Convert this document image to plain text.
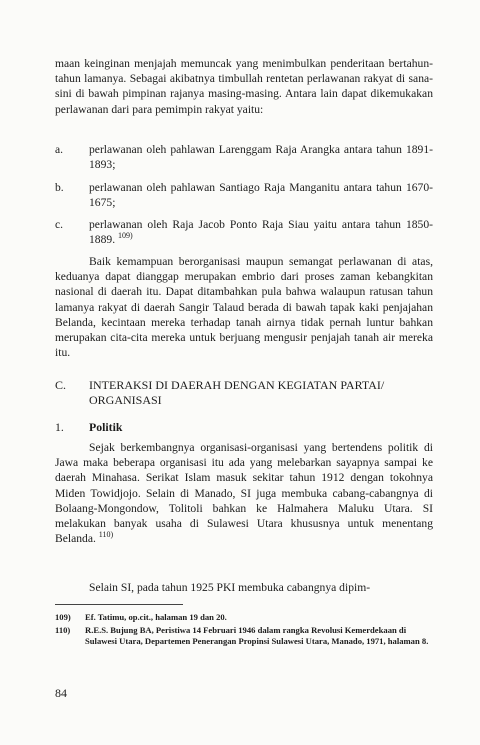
maan keinginan menjajah memuncak yang menimbulkan penderitaan bertahun-tahun lamanya. Sebagai akibatnya timbullah rentetan perlawanan rakyat di sana-sini di bawah pimpinan rajanya masing-masing. Antara lain dapat dikemukakan perlawanan dari para pemimpin rakyat yaitu:
a.	perlawanan oleh pahlawan Larenggam Raja Arangka antara tahun 1891-1893;
b.	perlawanan oleh pahlawan Santiago Raja Manganitu antara tahun 1670-1675;
c.	perlawanan oleh Raja Jacob Ponto Raja Siau yaitu antara tahun 1850-1889. $^{109)}$
Baik kemampuan berorganisasi maupun semangat perlawanan di atas, keduanya dapat dianggap merupakan embrio dari proses zaman kebangkitan nasional di daerah itu. Dapat ditambahkan pula bahwa walaupun ratusan tahun lamanya rakyat di daerah Sangir Talaud berada di bawah tapak kaki penjajahan Belanda, kecintaan mereka terhadap tanah airnya tidak pernah luntur bahkan merupakan cita-cita mereka untuk berjuang mengusir penjajah tanah air mereka itu.
C.	INTERAKSI DI DAERAH DENGAN KEGIATAN PARTAI/ ORGANISASI
1. Politik
Sejak berkembangnya organisasi-organisasi yang bertendens politik di Jawa maka beberapa organisasi itu ada yang melebarkan sayapnya sampai ke daerah Minahasa. Serikat Islam masuk sekitar tahun 1912 dengan tokohnya Miden Towidjojo. Selain di Manado, SI juga membuka cabang-cabangnya di Bolaang-Mongondow, Tolitoli bahkan ke Halmahera Maluku Utara. SI melakukan banyak usaha di Sulawesi Utara khususnya untuk menentang Belanda. $^{110)}$
Selain SI, pada tahun 1925 PKI membuka cabangnya dipim-
109)	Ef. Tatimu, op.cit., halaman 19 dan 20.
110)	R.E.S. Bujung BA, Peristiwa 14 Februari 1946 dalam rangka Revolusi Kemerdekaan di Sulawesi Utara, Departemen Penerangan Propinsi Sulawesi Utara, Manado, 1971, halaman 8.
84
